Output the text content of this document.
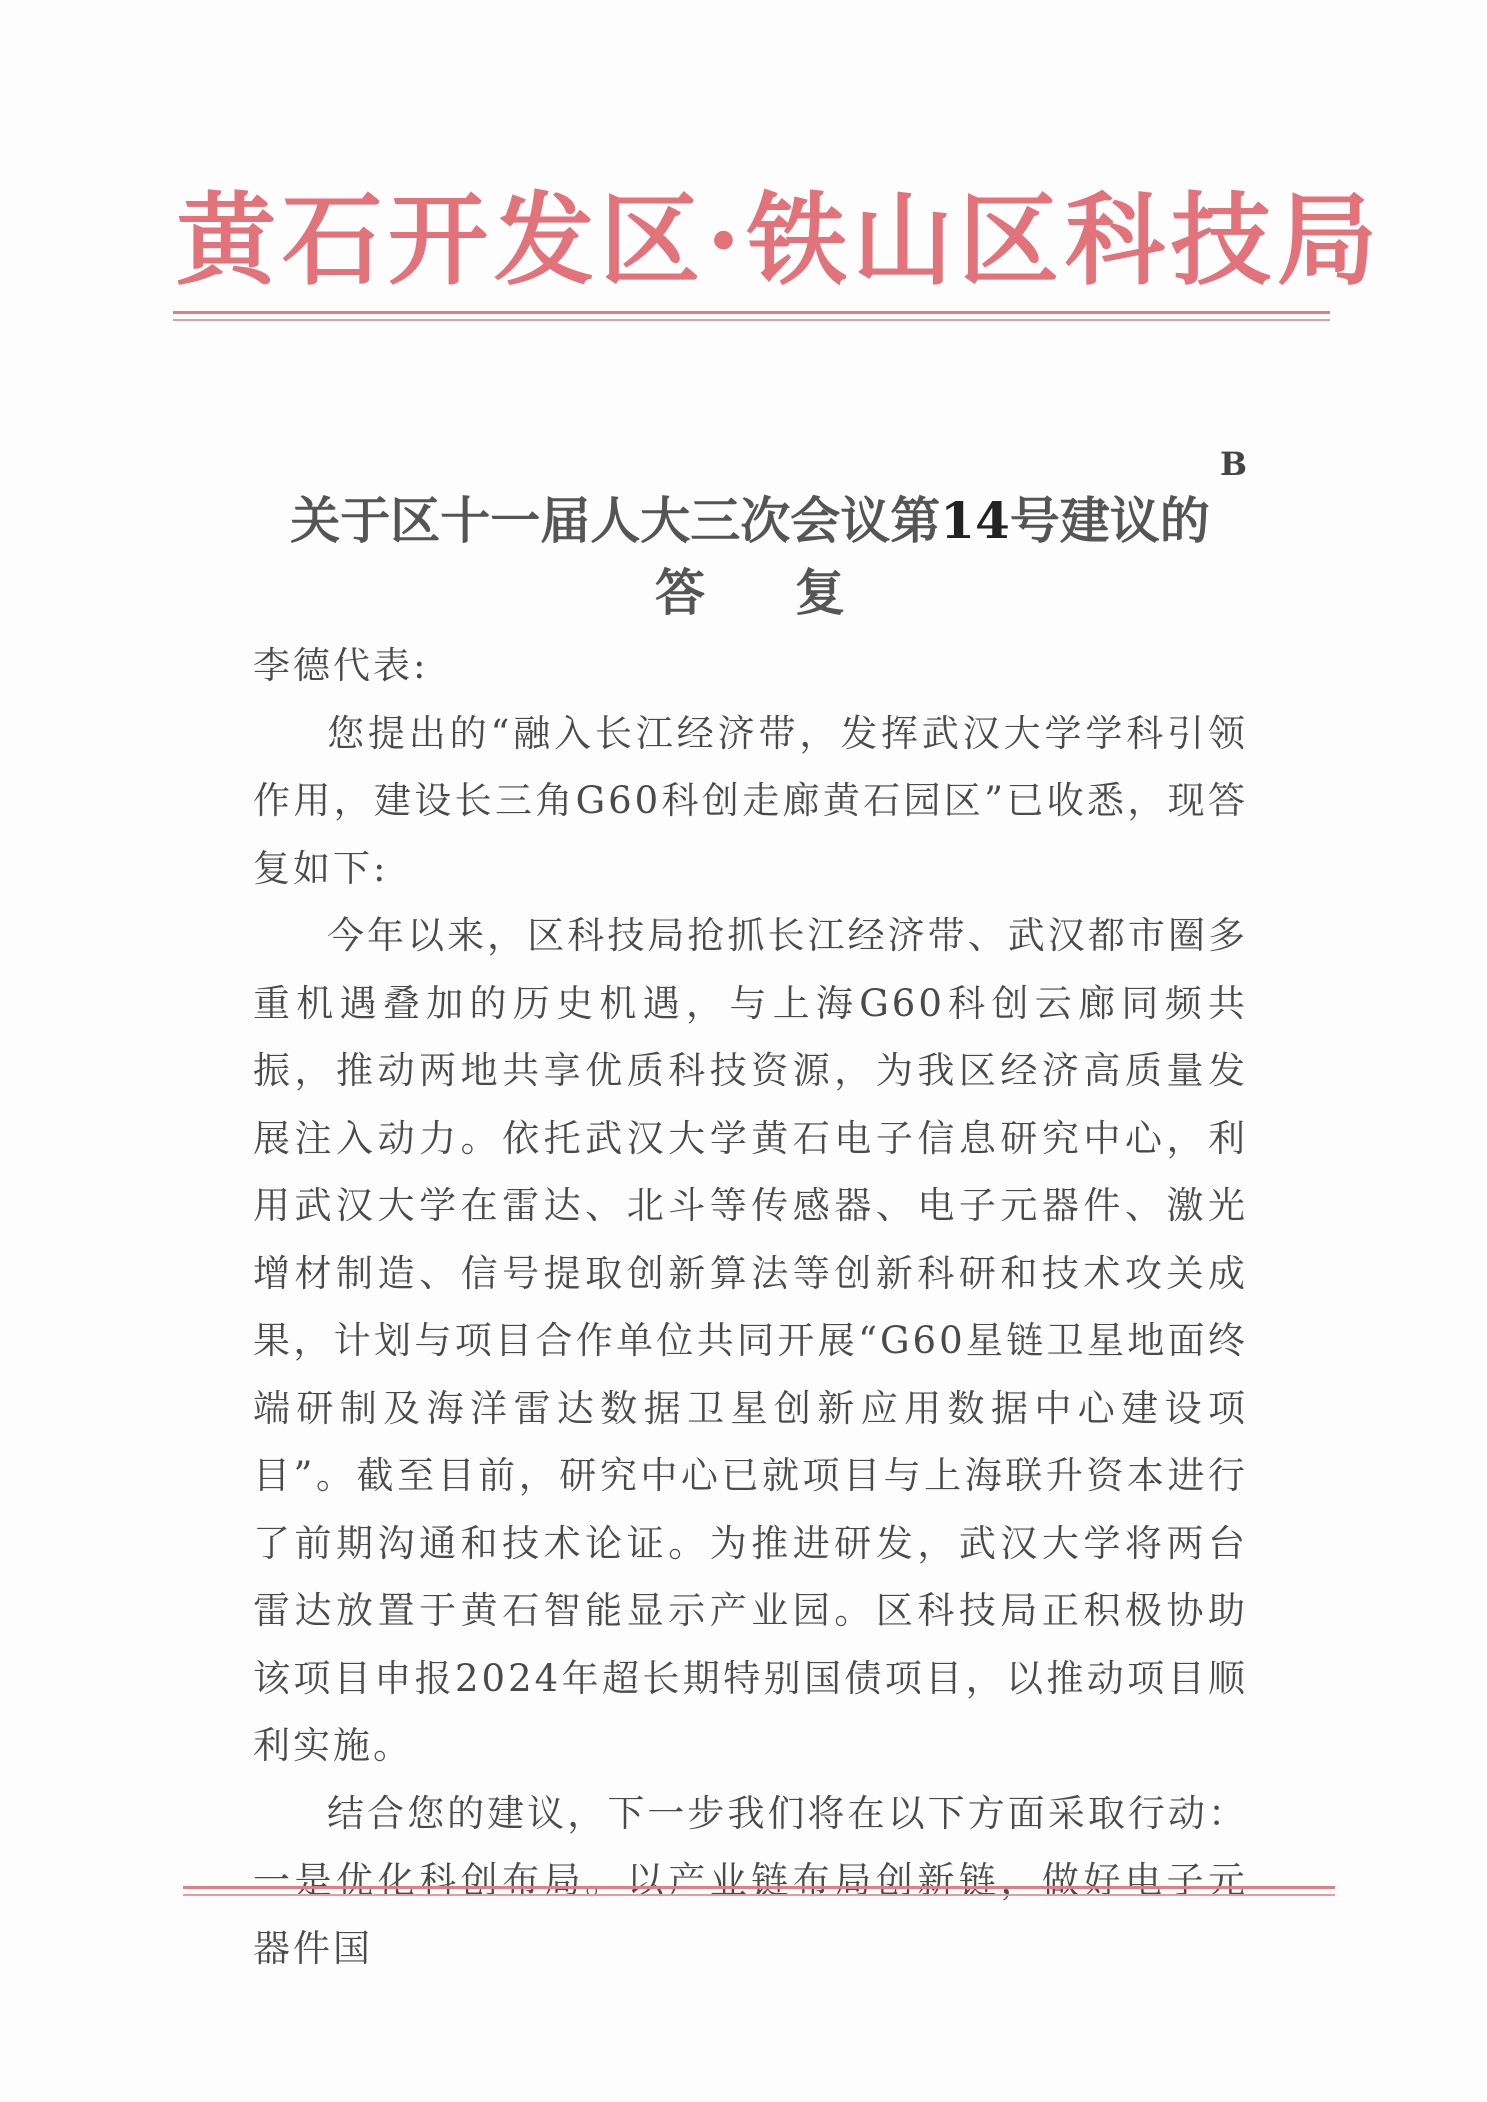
黄石开发区·铁山区科技局
B
关于区十一届人大三次会议第14号建议的
答复

李德代表:

您提出的“融入长江经济带，发挥武汉大学学科引领作用，建设长三角G60科创走廊黄石园区”已收悉，现答复如下:

今年以来，区科技局抢抓长江经济带、武汉都市圈多重机遇叠加的历史机遇，与上海G60科创云廊同频共振，推动两地共享优质科技资源，为我区经济高质量发展注入动力。依托武汉大学黄石电子信息研究中心，利用武汉大学在雷达、北斗等传感器、电子元器件、激光增材制造、信号提取创新算法等创新科研和技术攻关成果，计划与项目合作单位共同开展“G60星链卫星地面终端研制及海洋雷达数据卫星创新应用数据中心建设项目”。截至目前，研究中心已就项目与上海联升资本进行了前期沟通和技术论证。为推进研发，武汉大学将两台雷达放置于黄石智能显示产业园。区科技局正积极协助该项目申报2024年超长期特别国债项目，以推动项目顺利实施。

结合您的建议，下一步我们将在以下方面采取行动：一是优化科创布局。以产业链布局创新链，做好电子元器件国
